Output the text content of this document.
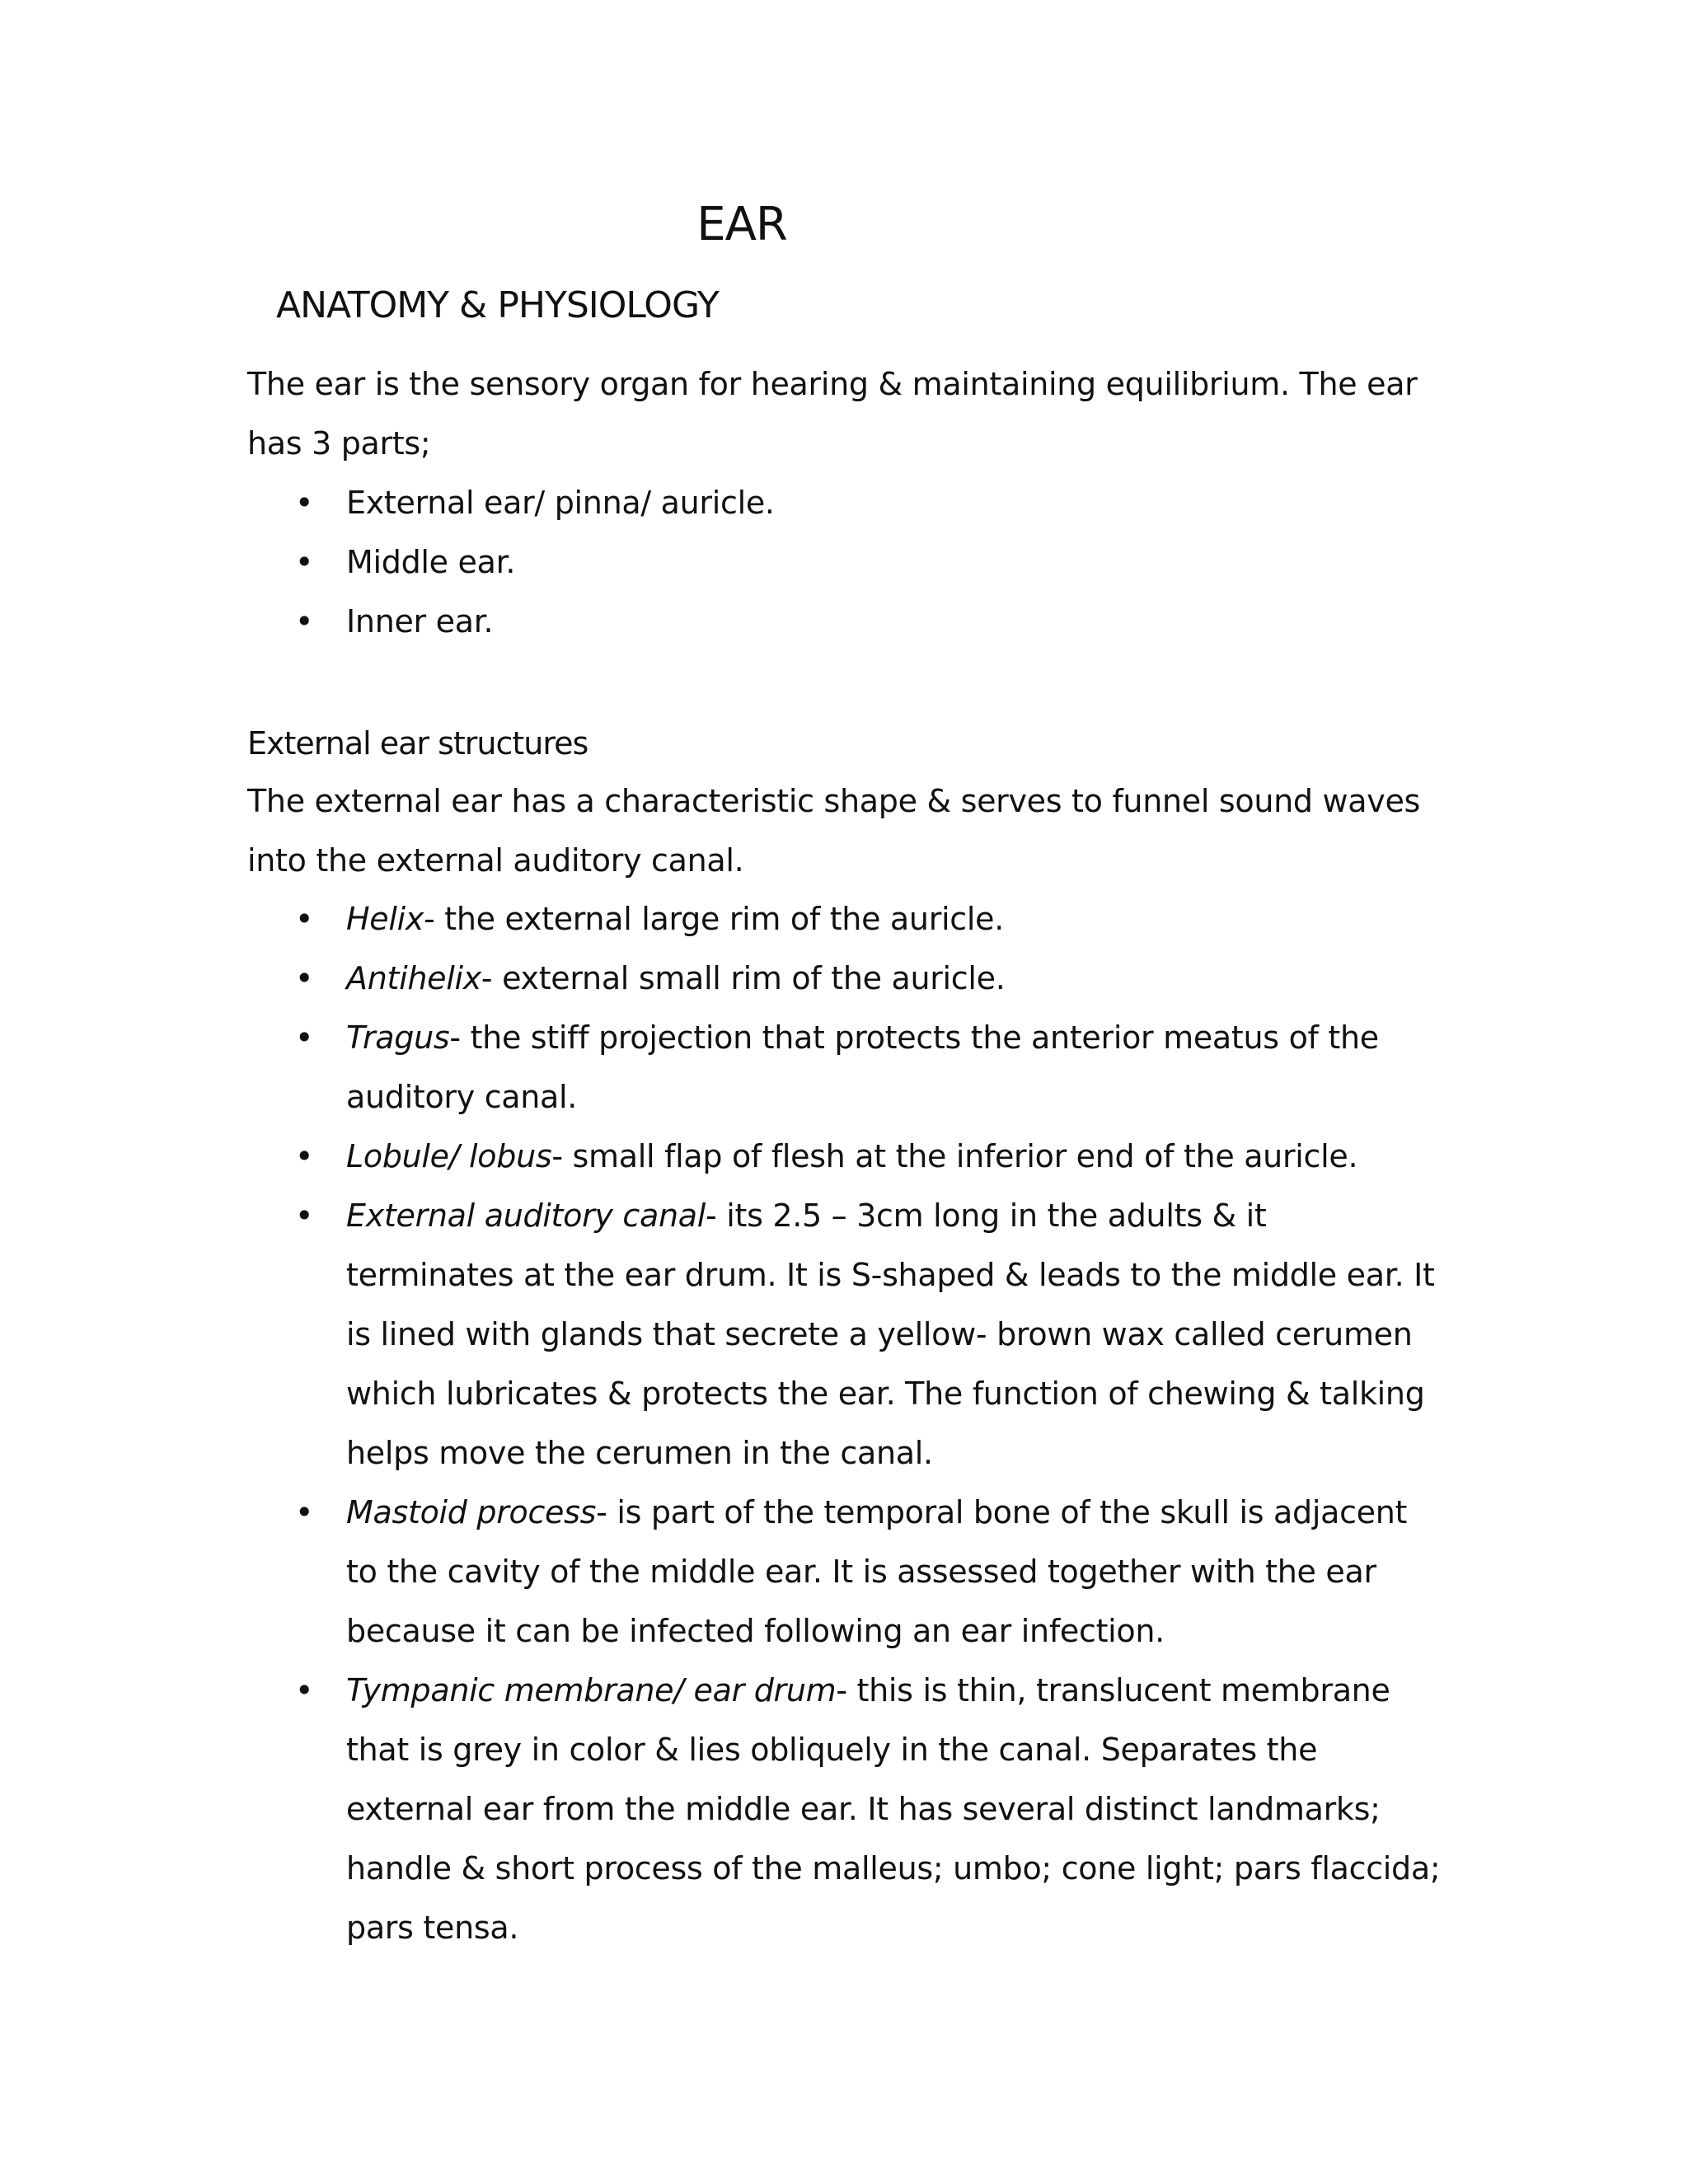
EAR
ANATOMY & PHYSIOLOGY

The ear is the sensory organ for hearing & maintaining equilibrium. The ear has 3 parts;

• External ear/ pinna/ auricle.
• Middle ear.
• Inner ear.
External ear structures

The external ear has a characteristic shape & serves to funnel sound waves into the external auditory canal.

• Helix- the external large rim of the auricle.
• Antihelix- external small rim of the auricle.
• Tragus- the stiff projection that protects the anterior meatus of the auditory canal.
• Lobule/ lobus- small flap of flesh at the inferior end of the auricle.
• External auditory canal- its 2.5 – 3cm long in the adults & it terminates at the ear drum. It is S-shaped & leads to the middle ear. It is lined with glands that secrete a yellow- brown wax called cerumen which lubricates & protects the ear. The function of chewing & talking helps move the cerumen in the canal.
• Mastoid process- is part of the temporal bone of the skull is adjacent to the cavity of the middle ear. It is assessed together with the ear because it can be infected following an ear infection.
• Tympanic membrane/ ear drum- this is thin, translucent membrane that is grey in color & lies obliquely in the canal. Separates the external ear from the middle ear. It has several distinct landmarks; handle & short process of the malleus; umbo; cone light; pars flaccida; pars tensa.
